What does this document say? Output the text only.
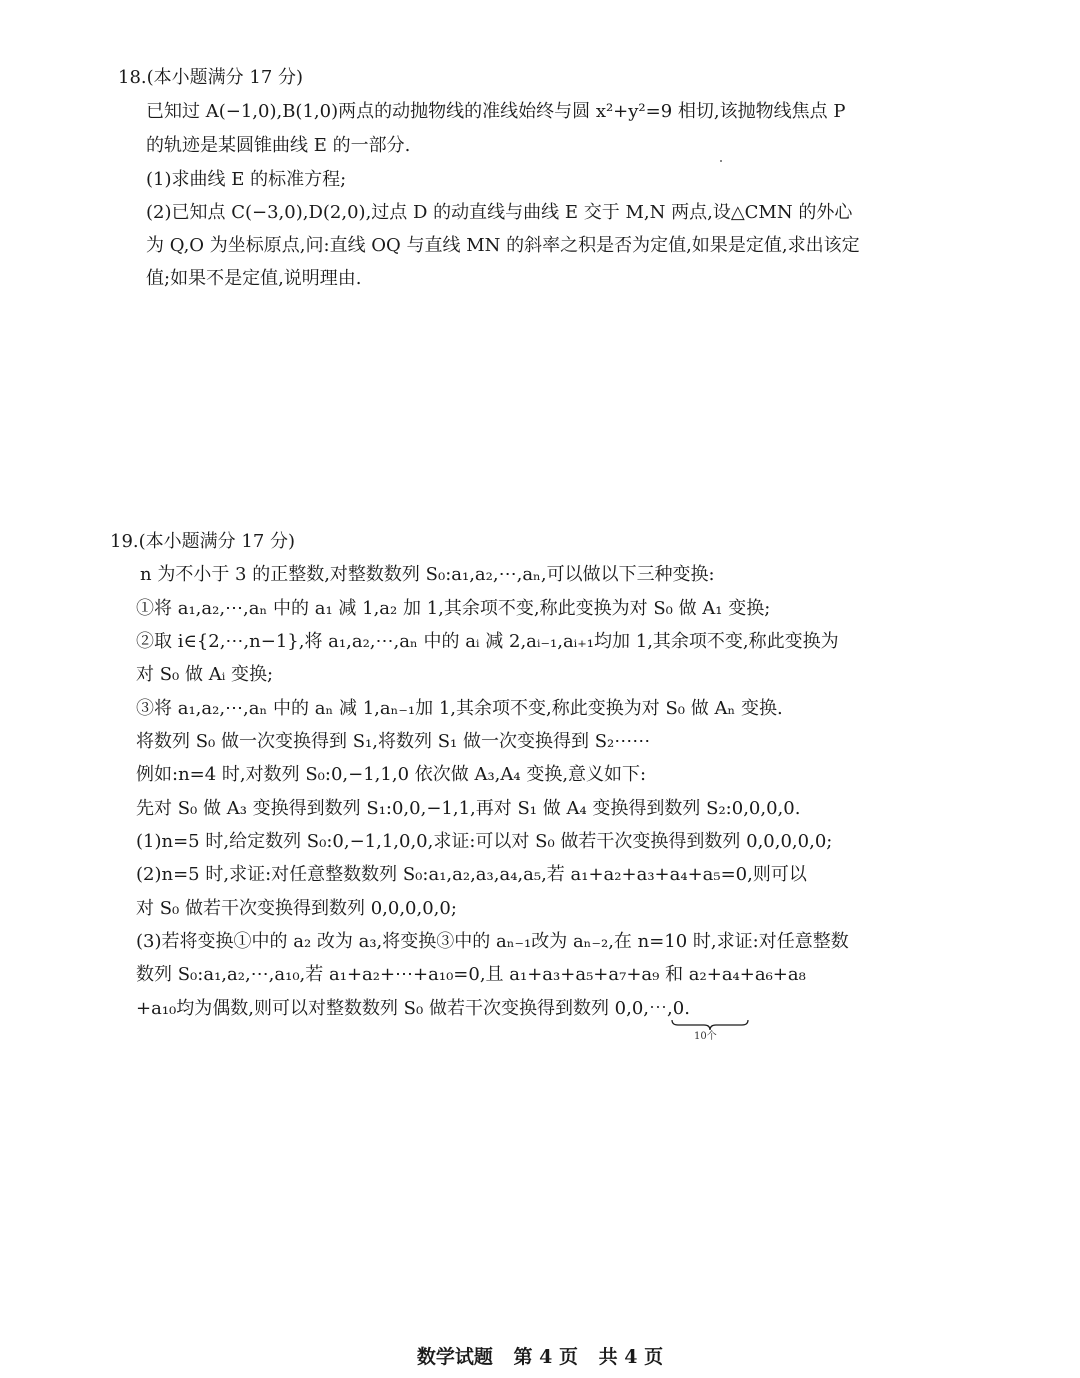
18.(本小题满分 17 分)
已知过 A(−1,0),B(1,0)两点的动抛物线的准线始终与圆 x²+y²=9 相切,该抛物线焦点 P
的轨迹是某圆锥曲线 E 的一部分.
(1)求曲线 E 的标准方程;
(2)已知点 C(−3,0),D(2,0),过点 D 的动直线与曲线 E 交于 M,N 两点,设△CMN 的外心
为 Q,O 为坐标原点,问:直线 OQ 与直线 MN 的斜率之积是否为定值,如果是定值,求出该定
值;如果不是定值,说明理由.
19.(本小题满分 17 分)
n 为不小于 3 的正整数,对整数数列 S₀:a₁,a₂,⋯,aₙ,可以做以下三种变换:
①将 a₁,a₂,⋯,aₙ 中的 a₁ 减 1,a₂ 加 1,其余项不变,称此变换为对 S₀ 做 A₁ 变换;
②取 i∈{2,⋯,n−1},将 a₁,a₂,⋯,aₙ 中的 aᵢ 减 2,aᵢ₋₁,aᵢ₊₁均加 1,其余项不变,称此变换为
对 S₀ 做 Aᵢ 变换;
③将 a₁,a₂,⋯,aₙ 中的 aₙ 减 1,aₙ₋₁加 1,其余项不变,称此变换为对 S₀ 做 Aₙ 变换.
将数列 S₀ 做一次变换得到 S₁,将数列 S₁ 做一次变换得到 S₂⋯⋯
例如:n=4 时,对数列 S₀:0,−1,1,0 依次做 A₃,A₄ 变换,意义如下:
先对 S₀ 做 A₃ 变换得到数列 S₁:0,0,−1,1,再对 S₁ 做 A₄ 变换得到数列 S₂:0,0,0,0.
(1)n=5 时,给定数列 S₀:0,−1,1,0,0,求证:可以对 S₀ 做若干次变换得到数列 0,0,0,0,0;
(2)n=5 时,求证:对任意整数数列 S₀:a₁,a₂,a₃,a₄,a₅,若 a₁+a₂+a₃+a₄+a₅=0,则可以
对 S₀ 做若干次变换得到数列 0,0,0,0,0;
(3)若将变换①中的 a₂ 改为 a₃,将变换③中的 aₙ₋₁改为 aₙ₋₂,在 n=10 时,求证:对任意整数
数列 S₀:a₁,a₂,⋯,a₁₀,若 a₁+a₂+⋯+a₁₀=0,且 a₁+a₃+a₅+a₇+a₉ 和 a₂+a₄+a₆+a₈
+a₁₀均为偶数,则可以对整数数列 S₀ 做若干次变换得到数列 0,0,⋯,0.
10个
数学试题 第 4 页 共 4 页
